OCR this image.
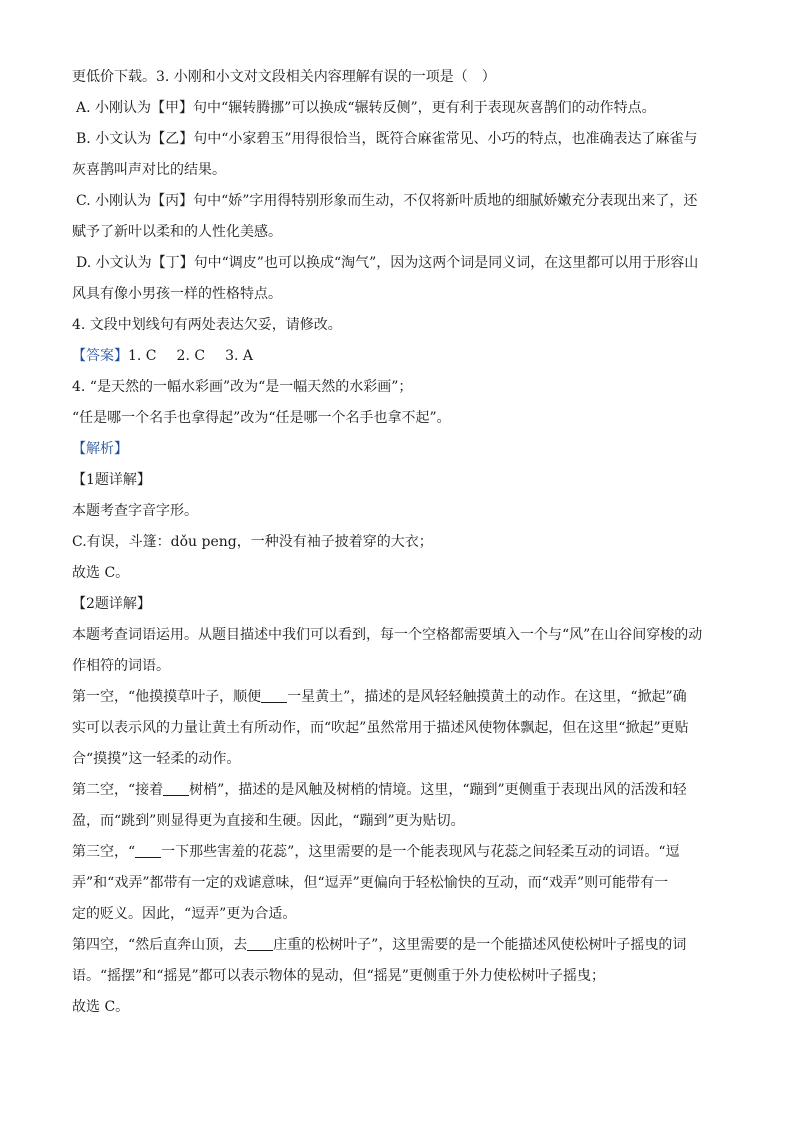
更低价下载。3. 小刚和小文对文段相关内容理解有误的一项是（　）

A. 小刚认为【甲】句中“辗转腾挪”可以换成“辗转反侧”，更有利于表现灰喜鹊们的动作特点。

B. 小文认为【乙】句中“小家碧玉”用得很恰当，既符合麻雀常见、小巧的特点，也准确表达了麻雀与

灰喜鹊叫声对比的结果。

C. 小刚认为【丙】句中“娇”字用得特别形象而生动，不仅将新叶质地的细腻娇嫩充分表现出来了，还

赋予了新叶以柔和的人性化美感。

D. 小文认为【丁】句中“调皮”也可以换成“淘气”，因为这两个词是同义词，在这里都可以用于形容山

风具有像小男孩一样的性格特点。

4. 文段中划线句有两处表达欠妥，请修改。

【答案】1. C 2. C 3. A

4. “是天然的一幅水彩画”改为“是一幅天然的水彩画”；

“任是哪一个名手也拿得起”改为“任是哪一个名手也拿不起”。

【解析】

【1题详解】

本题考查字音字形。

C.有误，斗篷：dǒu peng，一种没有袖子披着穿的大衣；

故选 C。

【2题详解】

本题考查词语运用。从题目描述中我们可以看到，每一个空格都需要填入一个与“风”在山谷间穿梭的动

作相符的词语。

第一空，“他摸摸草叶子，顺便 一星黄土”，描述的是风轻轻触摸黄土的动作。在这里，“掀起”确

实可以表示风的力量让黄土有所动作，而“吹起”虽然常用于描述风使物体飘起，但在这里“掀起”更贴

合“摸摸”这一轻柔的动作。

第二空，“接着 树梢”，描述的是风触及树梢的情境。这里，“蹦到”更侧重于表现出风的活泼和轻

盈，而“跳到”则显得更为直接和生硬。因此，“蹦到”更为贴切。

第三空，“ 一下那些害羞的花蕊”，这里需要的是一个能表现风与花蕊之间轻柔互动的词语。“逗

弄”和“戏弄”都带有一定的戏谑意味，但“逗弄”更偏向于轻松愉快的互动，而“戏弄”则可能带有一

定的贬义。因此，“逗弄”更为合适。

第四空，“然后直奔山顶，去 庄重的松树叶子”，这里需要的是一个能描述风使松树叶子摇曳的词

语。“摇摆”和“摇晃”都可以表示物体的晃动，但“摇晃”更侧重于外力使松树叶子摇曳；

故选 C。
